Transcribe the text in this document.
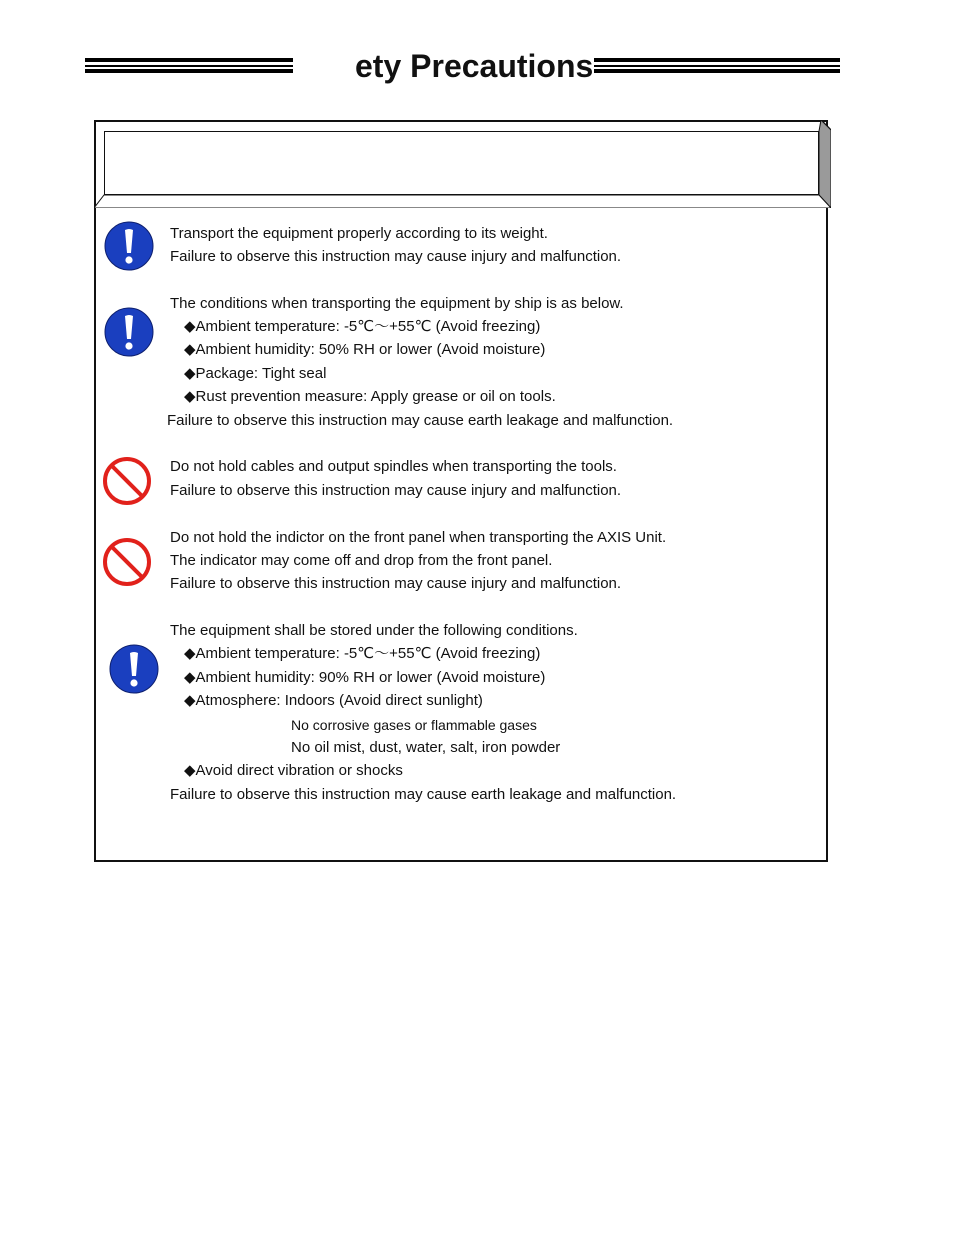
ety Precautions
Transport the equipment properly according to its weight.
Failure to observe this instruction may cause injury and malfunction.
The conditions when transporting the equipment by ship is as below.
◆Ambient temperature: -5℃～+55℃ (Avoid freezing)
◆Ambient humidity: 50% RH or lower (Avoid moisture)
◆Package: Tight seal
◆Rust prevention measure: Apply grease or oil on tools.
Failure to observe this instruction may cause earth leakage and malfunction.
Do not hold cables and output spindles when transporting the tools.
Failure to observe this instruction may cause injury and malfunction.
Do not hold the indictor on the front panel when transporting the AXIS Unit.
The indicator may come off and drop from the front panel.
Failure to observe this instruction may cause injury and malfunction.
The equipment shall be stored under the following conditions.
◆Ambient temperature: -5℃～+55℃ (Avoid freezing)
◆Ambient humidity: 90% RH or lower (Avoid moisture)
◆Atmosphere: Indoors (Avoid direct sunlight)
No corrosive gases or flammable gases
No oil mist, dust, water, salt, iron powder
◆Avoid direct vibration or shocks
Failure to observe this instruction may cause earth leakage and malfunction.
